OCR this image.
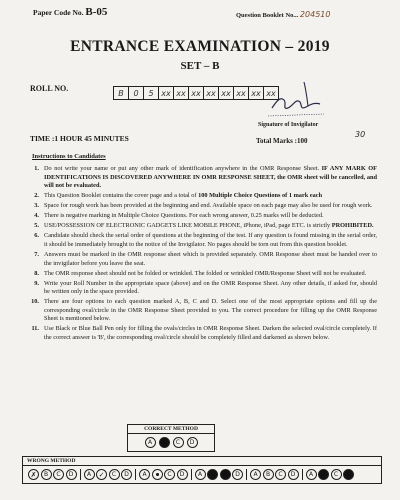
Paper Code No. B-05	Question Booklet No... 204510
ENTRANCE EXAMINATION – 2019
SET – B
ROLL NO.	B	0	5 xx xx xx xx xx xx xx xx
Signature of Invigilator
TIME :1 HOUR 45 MINUTES	Total Marks :100
30
Instructions to Candidates
1. Do not write your name or put any other mark of identification anywhere in the OMR Response Sheet. IF ANY MARK OF IDENTIFICATIONS IS DISCOVERED ANYWHERE IN OMR RESPONSE SHEET, the OMR sheet will be cancelled, and will not be evaluated.
2. This Question Booklet contains the cover page and a total of 100 Multiple Choice Questions of 1 mark each
3. Space for rough work has been provided at the beginning and end. Available space on each page may also be used for rough work.
4. There is negative marking in Multiple Choice Questions. For each wrong answer, 0.25 marks will be deducted.
5. USE/POSSESSION OF ELECTRONIC GADGETS LIKE MOBILE PHONE, iPhone, iPad, page ETC. is strictly PROHIBITED.
6. Candidate should check the serial order of questions at the beginning of the test. If any question is found missing in the serial order, it should be immediately brought to the notice of the Invigilator. No pages should be torn out from this question booklet.
7. Answers must be marked in the OMR response sheet which is provided separately. OMR Response sheet must be handed over to the invigilator before you leave the seat.
8. The OMR response sheet should not be folded or wrinkled. The folded or wrinkled OMR/Response Sheet will not be evaluated.
9. Write your Roll Number in the appropriate space (above) and on the OMR Response Sheet. Any other details, if asked for, should be written only in the space provided.
10. There are four options to each question marked A, B, C and D. Select one of the most appropriate options and fill up the corresponding oval/circle in the OMR Response Sheet provided to you. The correct procedure for filling up the OMR Response Sheet is mentioned below.
11. Use Black or Blue Ball Pen only for filling the ovals/circles in OMR Response Sheet. Darken the selected oval/circle completely. If the correct answer is 'B', the corresponding oval/circle should be completely filled and darkened as shown below.
CORRECT METHOD
A	B	C	D
WRONG METHOD
✗	B	C	D	A	✓	C	D	A	C	D	A	B	C	D	A	B	C	D	A	B	C	D
